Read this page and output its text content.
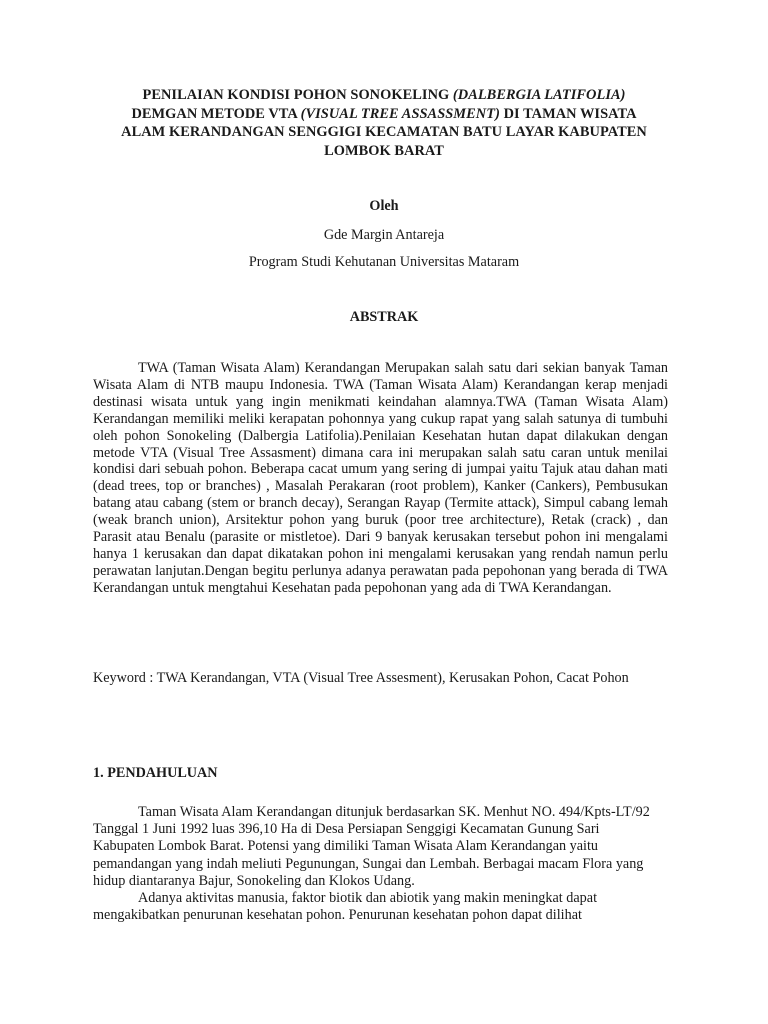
PENILAIAN KONDISI POHON SONOKELING (DALBERGIA LATIFOLIA)
DEMGAN METODE VTA (VISUAL TREE ASSASSMENT) DI TAMAN WISATA
ALAM KERANDANGAN SENGGIGI KECAMATAN BATU LAYAR KABUPATEN
LOMBOK BARAT
Oleh
Gde Margin Antareja
Program Studi Kehutanan Universitas Mataram
ABSTRAK

TWA (Taman Wisata Alam) Kerandangan Merupakan salah satu dari sekian banyak Taman Wisata Alam di NTB maupu Indonesia. TWA (Taman Wisata Alam) Kerandangan kerap menjadi destinasi wisata untuk yang ingin menikmati keindahan alamnya.TWA (Taman Wisata Alam) Kerandangan memiliki meliki kerapatan pohonnya yang cukup rapat yang salah satunya di tumbuhi oleh pohon Sonokeling (Dalbergia Latifolia).Penilaian Kesehatan hutan dapat dilakukan dengan metode VTA (Visual Tree Assasment) dimana cara ini merupakan salah satu caran untuk menilai kondisi dari sebuah pohon. Beberapa cacat umum yang sering di jumpai yaitu Tajuk atau dahan mati (dead trees, top or branches) , Masalah Perakaran (root problem), Kanker (Cankers), Pembusukan batang atau cabang (stem or branch decay), Serangan Rayap (Termite attack), Simpul cabang lemah (weak branch union), Arsitektur pohon yang buruk (poor tree architecture), Retak (crack) , dan Parasit atau Benalu (parasite or mistletoe). Dari 9 banyak kerusakan tersebut pohon ini mengalami hanya 1 kerusakan dan dapat dikatakan pohon ini mengalami kerusakan yang rendah namun perlu perawatan lanjutan.Dengan begitu perlunya adanya perawatan pada pepohonan yang berada di TWA Kerandangan untuk mengtahui Kesehatan pada pepohonan yang ada di TWA Kerandangan.

Keyword : TWA Kerandangan, VTA (Visual Tree Assesment), Kerusakan Pohon, Cacat Pohon
1. PENDAHULUAN

Taman Wisata Alam Kerandangan ditunjuk berdasarkan SK. Menhut NO. 494/Kpts-LT/92 Tanggal 1 Juni 1992 luas 396,10 Ha di Desa Persiapan Senggigi Kecamatan Gunung Sari Kabupaten Lombok Barat. Potensi yang dimiliki Taman Wisata Alam Kerandangan yaitu pemandangan yang indah meliuti Pegunungan, Sungai dan Lembah. Berbagai macam Flora yang hidup diantaranya Bajur, Sonokeling dan Klokos Udang.

Adanya aktivitas manusia, faktor biotik dan abiotik yang makin meningkat dapat mengakibatkan penurunan kesehatan pohon. Penurunan kesehatan pohon dapat dilihat
